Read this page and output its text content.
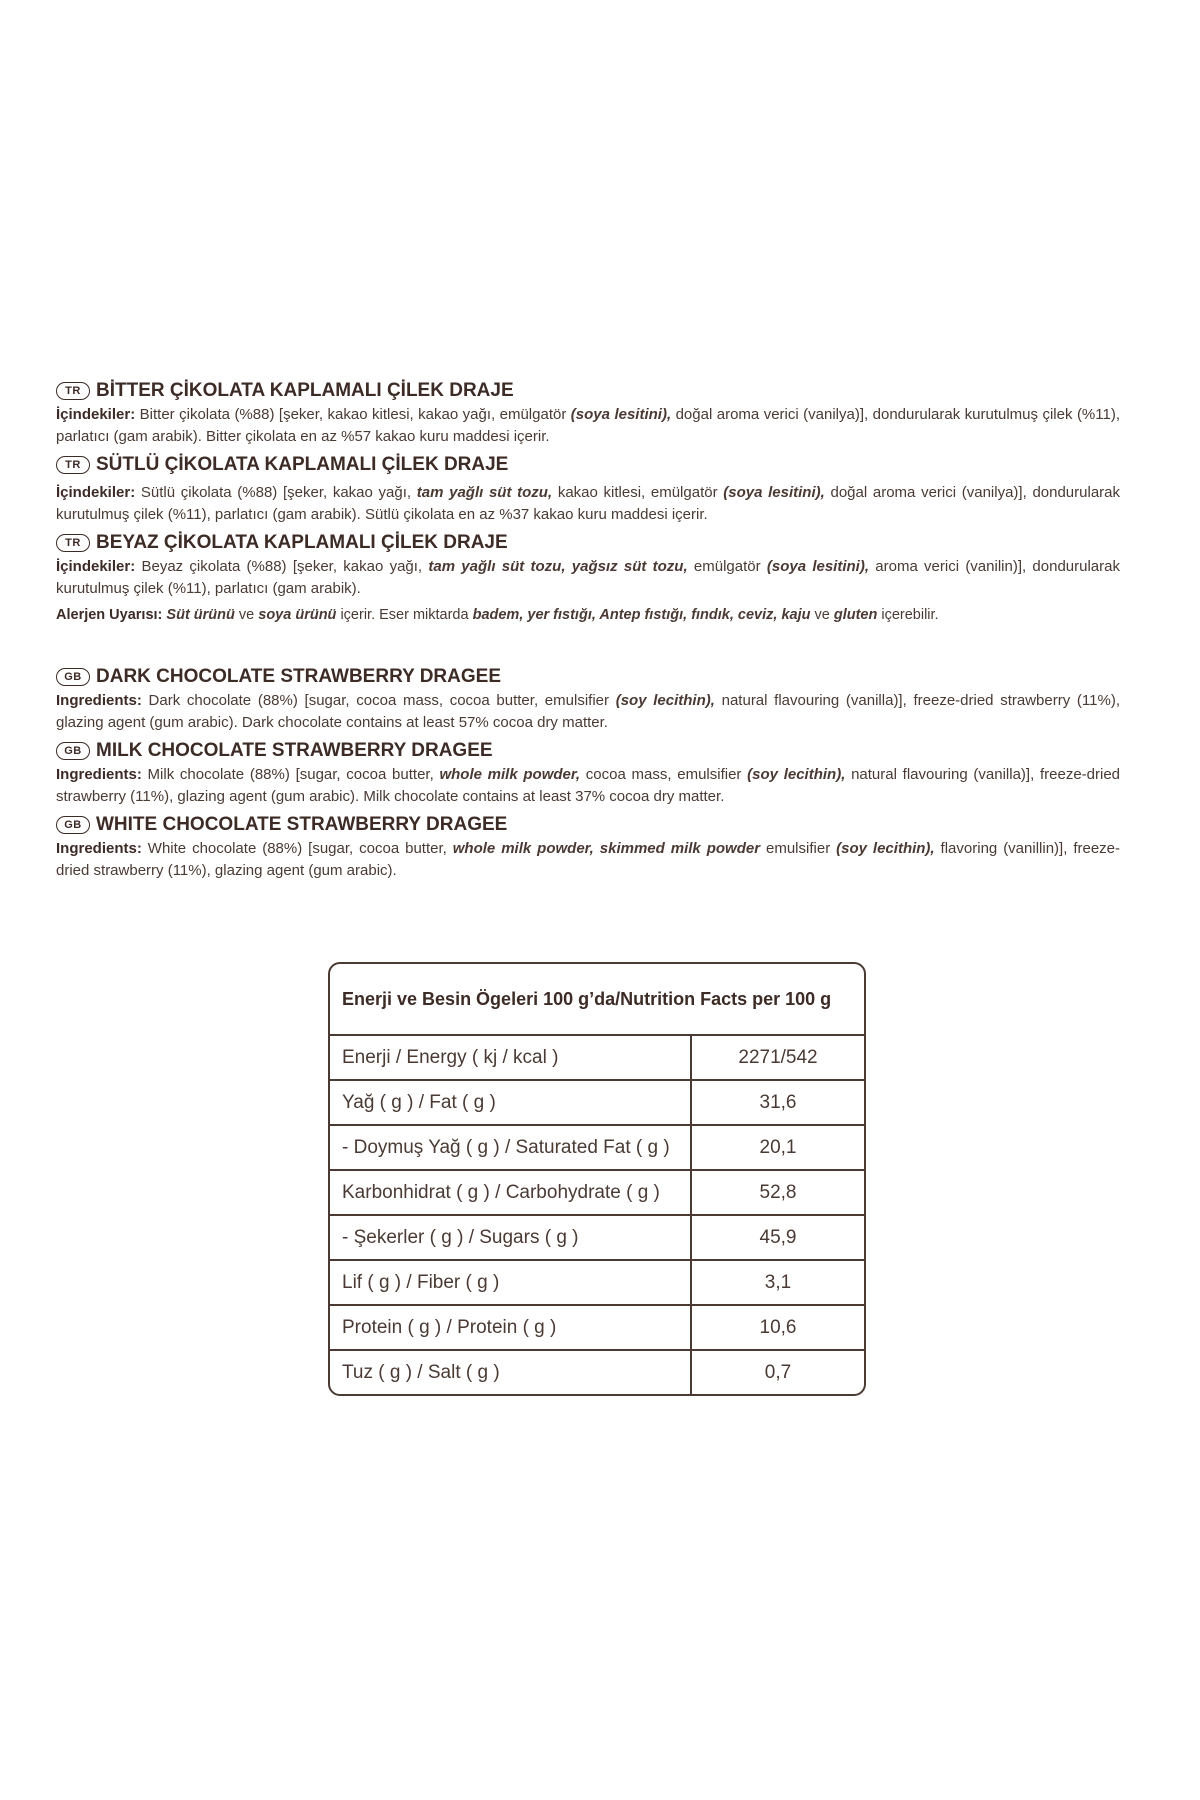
TR BİTTER ÇİKOLATA KAPLAMALI ÇİLEK DRAJE

İçindekiler: Bitter çikolata (%88) [şeker, kakao kitlesi, kakao yağı, emülgatör (soya lesitini), doğal aroma verici (vanilya)], dondurularak kurutulmuş çilek (%11), parlatıcı (gam arabik). Bitter çikolata en az %57 kakao kuru maddesi içerir.

TR SÜTLÜ ÇİKOLATA KAPLAMALI ÇİLEK DRAJE

İçindekiler: Sütlü çikolata (%88) [şeker, kakao yağı, tam yağlı süt tozu, kakao kitlesi, emülgatör (soya lesitini), doğal aroma verici (vanilya)], dondurularak kurutulmuş çilek (%11), parlatıcı (gam arabik). Sütlü çikolata en az %37 kakao kuru maddesi içerir.

TR BEYAZ ÇİKOLATA KAPLAMALI ÇİLEK DRAJE

İçindekiler: Beyaz çikolata (%88) [şeker, kakao yağı, tam yağlı süt tozu, yağsız süt tozu, emülgatör (soya lesitini), aroma verici (vanilin)], dondurularak kurutulmuş çilek (%11), parlatıcı (gam arabik).

Alerjen Uyarısı: Süt ürünü ve soya ürünü içerir. Eser miktarda badem, yer fıstığı, Antep fıstığı, fındık, ceviz, kaju ve gluten içerebilir.

GB DARK CHOCOLATE STRAWBERRY DRAGEE

Ingredients: Dark chocolate (88%) [sugar, cocoa mass, cocoa butter, emulsifier (soy lecithin), natural flavouring (vanilla)], freeze-dried strawberry (11%), glazing agent (gum arabic). Dark chocolate contains at least 57% cocoa dry matter.

GB MILK CHOCOLATE STRAWBERRY DRAGEE

Ingredients: Milk chocolate (88%) [sugar, cocoa butter, whole milk powder, cocoa mass, emulsifier (soy lecithin), natural flavouring (vanilla)], freeze-dried strawberry (11%), glazing agent (gum arabic). Milk chocolate contains at least 37% cocoa dry matter.

GB WHITE CHOCOLATE STRAWBERRY DRAGEE

Ingredients: White chocolate (88%) [sugar, cocoa butter, whole milk powder, skimmed milk powder emulsifier (soy lecithin), flavoring (vanillin)], freeze-dried strawberry (11%), glazing agent (gum arabic).

Enerji ve Besin Ögeleri 100 g’da/Nutrition Facts per 100 g
Enerji / Energy ( kj / kcal )	2271/542
Yağ ( g ) / Fat ( g )	31,6
- Doymuş Yağ ( g ) / Saturated Fat ( g )	20,1
Karbonhidrat ( g ) / Carbohydrate ( g )	52,8
- Şekerler ( g ) / Sugars ( g )	45,9
Lif ( g ) / Fiber ( g )	3,1
Protein ( g ) / Protein ( g )	10,6
Tuz ( g ) / Salt ( g )	0,7
